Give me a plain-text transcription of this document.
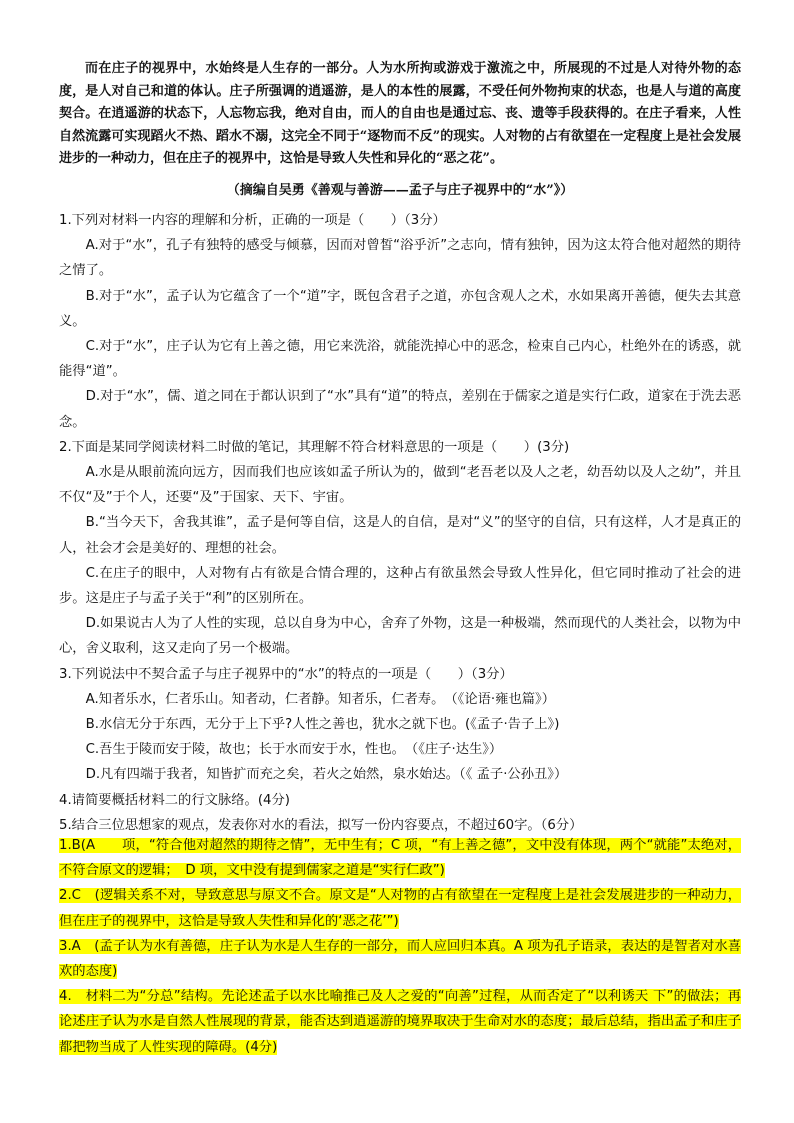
而在庄子的视界中，水始终是人生存的一部分。人为水所拘或游戏于激流之中，所展现的不过是人对待外物的态度，是人对自己和道的体认。庄子所强调的逍遥游，是人的本性的展露，不受任何外物拘束的状态，也是人与道的高度契合。在逍遥游的状态下，人忘物忘我，绝对自由，而人的自由也是通过忘、丧、遗等手段获得的。在庄子看来，人性自然流露可实现蹈火不热、蹈水不溺，这完全不同于“逐物而不反”的现实。人对物的占有欲望在一定程度上是社会发展进步的一种动力，但在庄子的视界中，这恰是导致人失性和异化的“恶之花”。

（摘编自吴勇《善观与善游——孟子与庄子视界中的“水”》）

1.下列对材料一内容的理解和分析，正确的一项是（　　）（3分）

A.对于“水”，孔子有独特的感受与倾慕，因而对曾皙“浴乎沂”之志向，情有独钟，因为这太符合他对超然的期待之情了。

B.对于“水”，孟子认为它蕴含了一个“道”字，既包含君子之道，亦包含观人之术，水如果离开善德，便失去其意义。

C.对于“水”，庄子认为它有上善之德，用它来洗浴，就能洗掉心中的恶念，检束自己内心，杜绝外在的诱惑，就能得“道”。

D.对于“水”，儒、道之同在于都认识到了“水”具有“道”的特点，差别在于儒家之道是实行仁政，道家在于洗去恶念。

2.下面是某同学阅读材料二时做的笔记，其理解不符合材料意思的一项是（　　）(3分)

A.水是从眼前流向远方，因而我们也应该如孟子所认为的，做到“老吾老以及人之老，幼吾幼以及人之幼”，并且不仅“及”于个人，还要“及”于国家、天下、宇宙。

B.“当今天下，舍我其谁”，孟子是何等自信，这是人的自信，是对“义”的坚守的自信，只有这样，人才是真正的人，社会才会是美好的、理想的社会。

C.在庄子的眼中，人对物有占有欲是合情合理的，这种占有欲虽然会导致人性异化，但它同时推动了社会的进步。这是庄子与孟子关于“利”的区别所在。

D.如果说古人为了人性的实现，总以自身为中心，舍弃了外物，这是一种极端，然而现代的人类社会，以物为中心，舍义取利，这又走向了另一个极端。

3.下列说法中不契合孟子与庄子视界中的“水”的特点的一项是（　　）（3分）

A.知者乐水，仁者乐山。知者动，仁者静。知者乐，仁者寿。　（《论语·雍也篇》）

B.水信无分于东西，无分于上下乎?人性之善也，犹水之就下也。(《孟子·告子上》)

C.吾生于陵而安于陵，故也；长于水而安于水，性也。　（《庄子·达生》）

D.凡有四端于我者，知皆扩而充之矣，若火之始然，泉水始达。（《 孟子·公孙丑》）

4.请简要概括材料二的行文脉络。(4分)

5.结合三位思想家的观点，发表你对水的看法，拟写一份内容要点，不超过60字。（6分）

1.B(A　　项，“符合他对超然的期待之情”，无中生有；C 项，“有上善之德”，文中没有体现，两个“就能”太绝对，不符合原文的逻辑；　D 项，文中没有提到儒家之道是“实行仁政”)

2.C　(逻辑关系不对，导致意思与原文不合。原文是“人对物的占有欲望在一定程度上是社会发展进步的一种动力，但在庄子的视界中，这恰是导致人失性和异化的‘恶之花’”)

3.A　(孟子认为水有善德，庄子认为水是人生存的一部分，而人应回归本真。A 项为孔子语录，表达的是智者对水喜欢的态度)

4.　材料二为“分总”结构。先论述孟子以水比喻推己及人之爱的“向善”过程，从而否定了“以利诱天 下”的做法；再论述庄子认为水是自然人性展现的背景，能否达到逍遥游的境界取决于生命对水的态度；最后总结，指出孟子和庄子都把物当成了人性实现的障碍。(4分)
